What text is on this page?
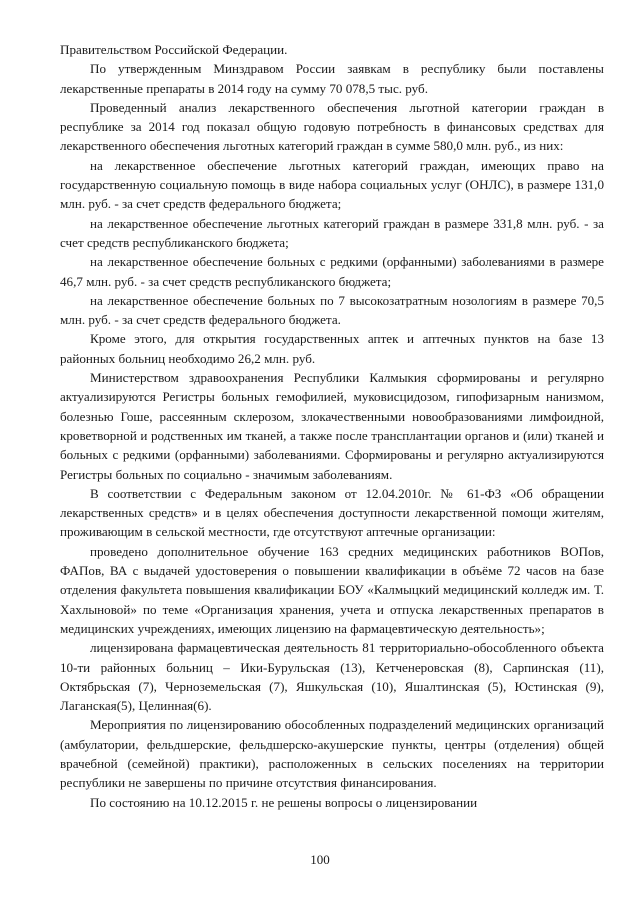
Правительством Российской Федерации.

По утвержденным Минздравом России заявкам в республику были поставлены лекарственные препараты в 2014 году на сумму 70 078,5 тыс. руб.

Проведенный анализ лекарственного обеспечения льготной категории граждан в республике за 2014 год показал общую годовую потребность в финансовых средствах для лекарственного обеспечения льготных категорий граждан в сумме 580,0 млн. руб., из них:

на лекарственное обеспечение льготных категорий граждан, имеющих право на государственную социальную помощь в виде набора социальных услуг (ОНЛС), в размере 131,0 млн. руб. - за счет средств федерального бюджета;

на лекарственное обеспечение льготных категорий граждан в размере 331,8 млн. руб. - за счет средств республиканского бюджета;

на лекарственное обеспечение больных с редкими (орфанными) заболеваниями в размере 46,7 млн. руб. - за счет средств республиканского бюджета;

на лекарственное обеспечение больных по 7 высокозатратным нозологиям в размере 70,5 млн. руб. - за счет средств федерального бюджета.

Кроме этого, для открытия государственных аптек и аптечных пунктов на базе 13 районных больниц необходимо 26,2 млн. руб.

Министерством здравоохранения Республики Калмыкия сформированы и регулярно актуализируются Регистры больных гемофилией, муковисцидозом, гипофизарным нанизмом, болезнью Гоше, рассеянным склерозом, злокачественными новообразованиями лимфоидной, кроветворной и родственных им тканей, а также после трансплантации органов и (или) тканей и больных с редкими (орфанными) заболеваниями. Сформированы и регулярно актуализируются Регистры больных по социально - значимым заболеваниям.

В соответствии с Федеральным законом от 12.04.2010г. № 61-ФЗ «Об обращении лекарственных средств» и в целях обеспечения доступности лекарственной помощи жителям, проживающим в сельской местности, где отсутствуют аптечные организации:

проведено дополнительное обучение 163 средних медицинских работников ВОПов, ФАПов, ВА с выдачей удостоверения о повышении квалификации в объёме 72 часов на базе отделения факультета повышения квалификации БОУ «Калмыцкий медицинский колледж им. Т. Хахлыновой» по теме «Организация хранения, учета и отпуска лекарственных препаратов в медицинских учреждениях, имеющих лицензию на фармацевтическую деятельность»;

лицензирована фармацевтическая деятельность 81 территориально-обособленного объекта 10-ти районных больниц – Ики-Бурульская (13), Кетченеровская (8), Сарпинская (11), Октябрьская (7), Черноземельская (7), Яшкульская (10), Яшалтинская (5), Юстинская (9), Лаганская(5), Целинная(6).

Мероприятия по лицензированию обособленных подразделений медицинских организаций (амбулатории, фельдшерские, фельдшерско-акушерские пункты, центры (отделения) общей врачебной (семейной) практики), расположенных в сельских поселениях на территории республики не завершены по причине отсутствия финансирования.

По состоянию на 10.12.2015 г. не решены вопросы о лицензировании

100
